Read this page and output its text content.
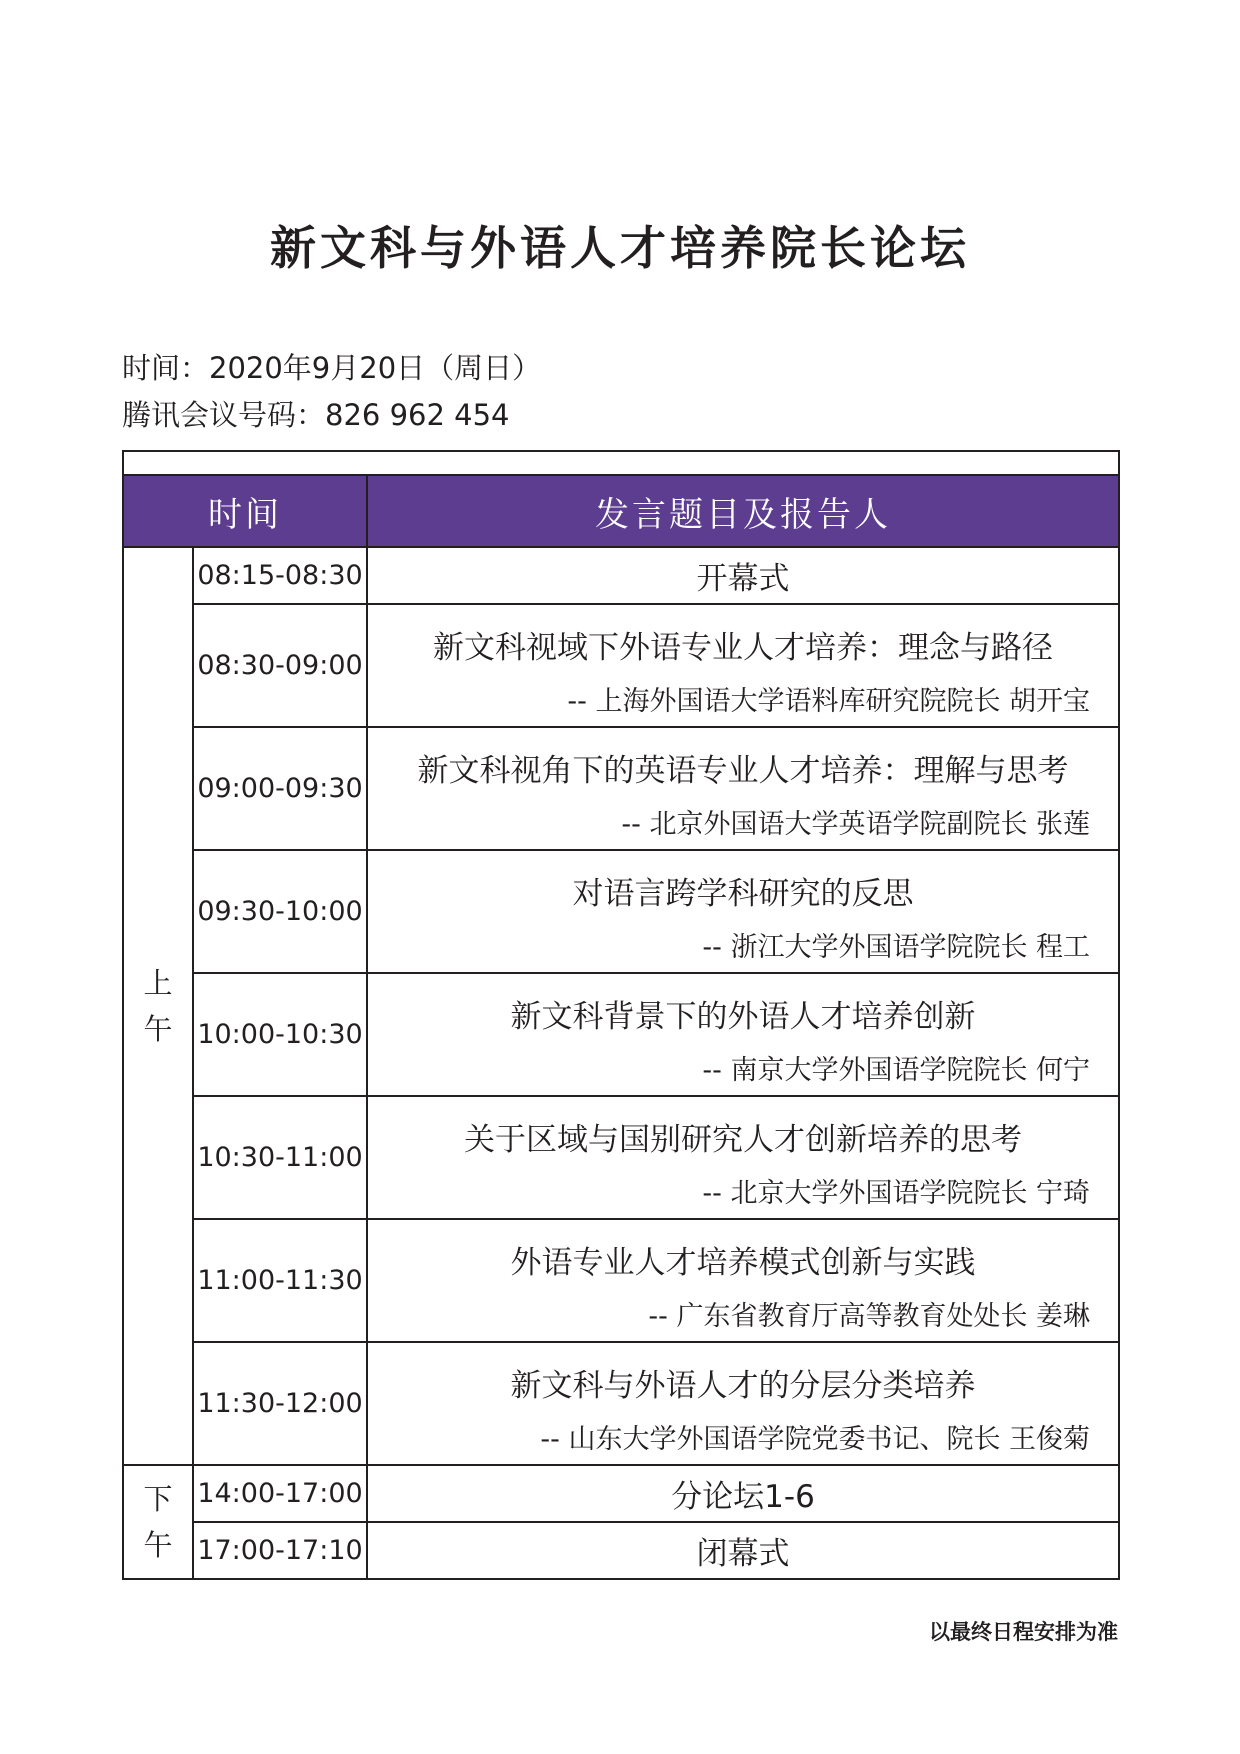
新文科与外语人才培养院长论坛
时间：2020年9月20日（周日）
腾讯会议号码：826 962 454

时间		发言题目及报告人
上
午	08:15-08:30	开幕式
	08:30-09:00	新文科视域下外语专业人才培养：理念与路径
-- 上海外国语大学语料库研究院院长 胡开宝

	09:00-09:30	新文科视角下的英语专业人才培养：理解与思考
-- 北京外国语大学英语学院副院长 张莲

	09:30-10:00	对语言跨学科研究的反思
-- 浙江大学外国语学院院长 程工

	10:00-10:30	新文科背景下的外语人才培养创新
-- 南京大学外国语学院院长 何宁

	10:30-11:00	关于区域与国别研究人才创新培养的思考
-- 北京大学外国语学院院长 宁琦

	11:00-11:30	外语专业人才培养模式创新与实践
-- 广东省教育厅高等教育处处长 姜琳

	11:30-12:00	新文科与外语人才的分层分类培养
-- 山东大学外国语学院党委书记、院长 王俊菊

下
午	14:00-17:00	分论坛1-6
	17:00-17:10	闭幕式
以最终日程安排为准
